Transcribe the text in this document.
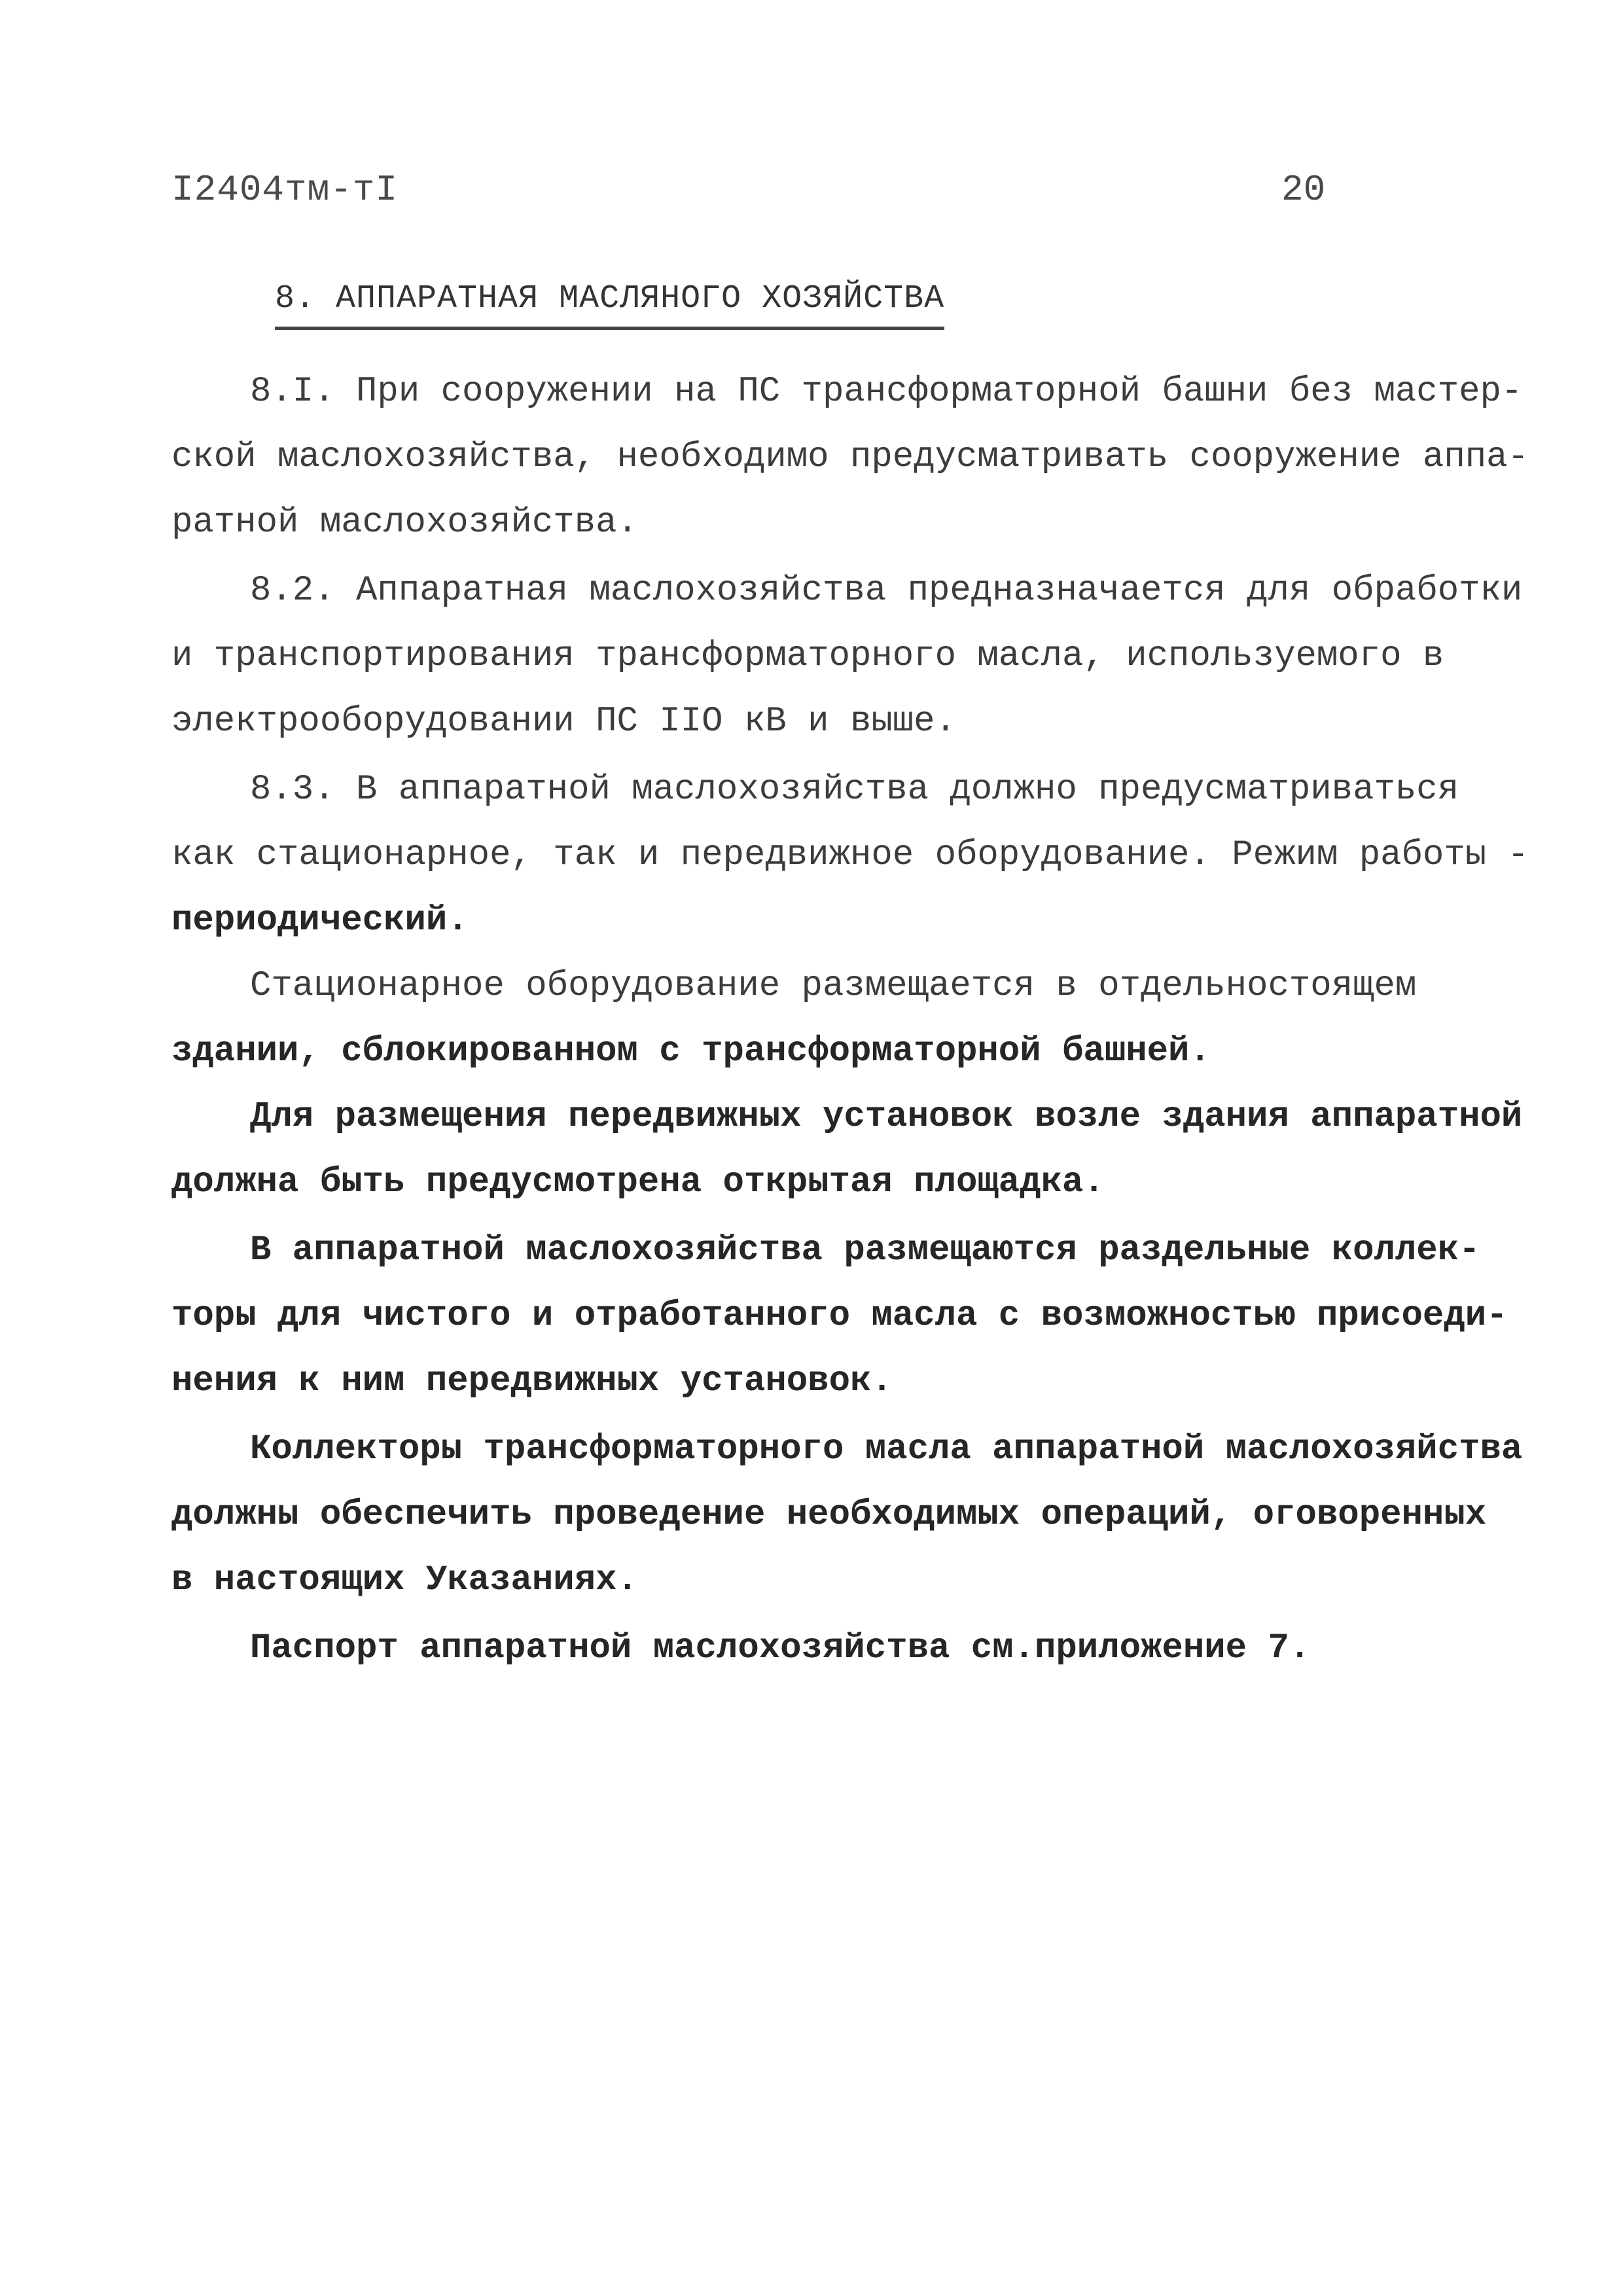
I2404тм-тI	20
8. АППАРАТНАЯ МАСЛЯНОГО ХОЗЯЙСТВА
8.I. При сооружении на ПС трансформаторной башни без мастер-
ской маслохозяйства, необходимо предусматривать сооружение аппа-
ратной маслохозяйства.
8.2. Аппаратная маслохозяйства предназначается для обработки
и транспортирования трансформаторного масла, используемого в
электрооборудовании ПС IIO кВ и выше.
8.3. В аппаратной маслохозяйства должно предусматриваться
как стационарное, так и передвижное оборудование. Режим работы -
периодический.
Стационарное оборудование размещается в отдельностоящем
здании, сблокированном с трансформаторной башней.
Для размещения передвижных установок возле здания аппаратной
должна быть предусмотрена открытая площадка.
В аппаратной маслохозяйства размещаются раздельные коллек-
торы для чистого и отработанного масла с возможностью присоеди-
нения к ним передвижных установок.
Коллекторы трансформаторного масла аппаратной маслохозяйства
должны обеспечить проведение необходимых операций, оговоренных
в настоящих Указаниях.
Паспорт аппаратной маслохозяйства см.приложение 7.
